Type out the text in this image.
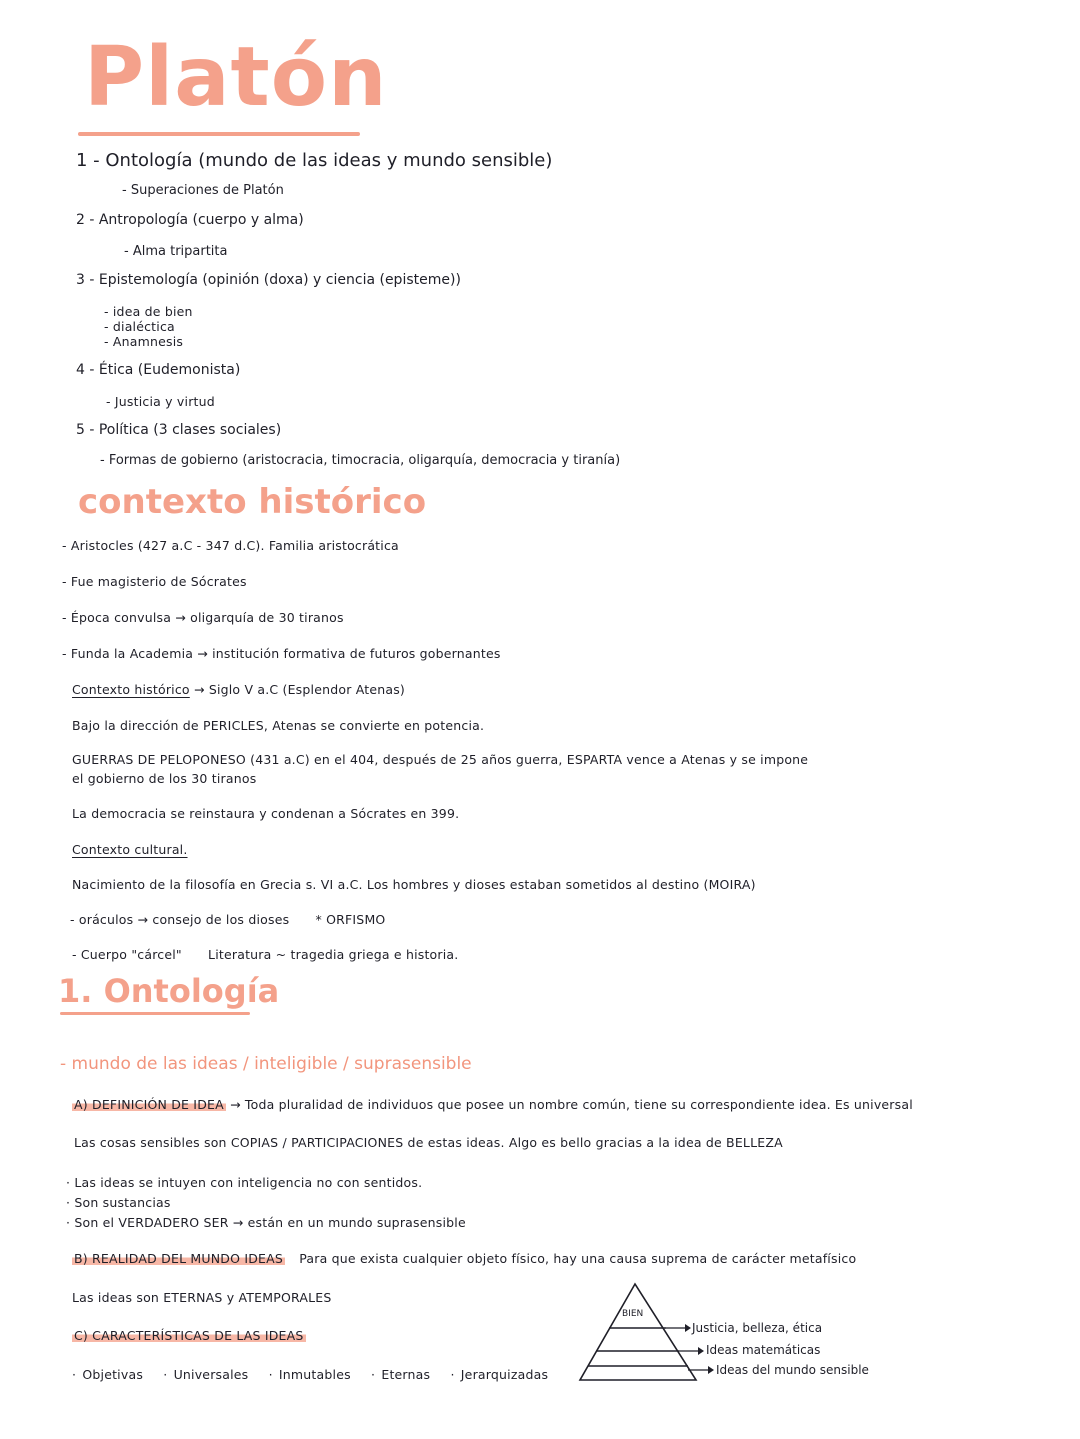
Platón
1 - Ontología (mundo de las ideas y mundo sensible)
- Superaciones de Platón
2 - Antropología (cuerpo y alma)
- Alma tripartita
3 - Epistemología (opinión (doxa) y ciencia (episteme))
- idea de bien
- dialéctica
- Anamnesis
4 - Ética (Eudemonista)
- Justicia y virtud
5 - Política (3 clases sociales)
- Formas de gobierno (aristocracia, timocracia, oligarquía, democracia y tiranía)
contexto histórico
- Aristocles (427 a.C - 347 d.C). Familia aristocrática
- Fue magisterio de Sócrates
- Época convulsa → oligarquía de 30 tiranos
- Funda la Academia → institución formativa de futuros gobernantes
Contexto histórico → Siglo V a.C (Esplendor Atenas)
Bajo la dirección de PERICLES, Atenas se convierte en potencia.
GUERRAS DE PELOPONESO (431 a.C) en el 404, después de 25 años guerra, ESPARTA vence a Atenas y se impone
el gobierno de los 30 tiranos
La democracia se reinstaura y condenan a Sócrates en 399.
Contexto cultural.
Nacimiento de la filosofía en Grecia s. VI a.C. Los hombres y dioses estaban sometidos al destino (MOIRA)
- oráculos → consejo de los dioses * ORFISMO
- Cuerpo "cárcel" Literatura ~ tragedia griega e historia.
1. Ontología
- mundo de las ideas / inteligible / suprasensible
A) DEFINICIÓN DE IDEA → Toda pluralidad de individuos que posee un nombre común, tiene su correspondiente idea. Es universal
Las cosas sensibles son COPIAS / PARTICIPACIONES de estas ideas. Algo es bello gracias a la idea de BELLEZA
· Las ideas se intuyen con inteligencia no con sentidos.
· Son sustancias
· Son el VERDADERO SER → están en un mundo suprasensible
B) REALIDAD DEL MUNDO IDEAS Para que exista cualquier objeto físico, hay una causa suprema de carácter metafísico
Las ideas son ETERNAS y ATEMPORALES
C) CARACTERÍSTICAS DE LAS IDEAS
· Objetivas · Universales · Inmutables · Eternas · Jerarquizadas
BIEN
Justicia, belleza, ética
Ideas matemáticas
Ideas del mundo sensible
